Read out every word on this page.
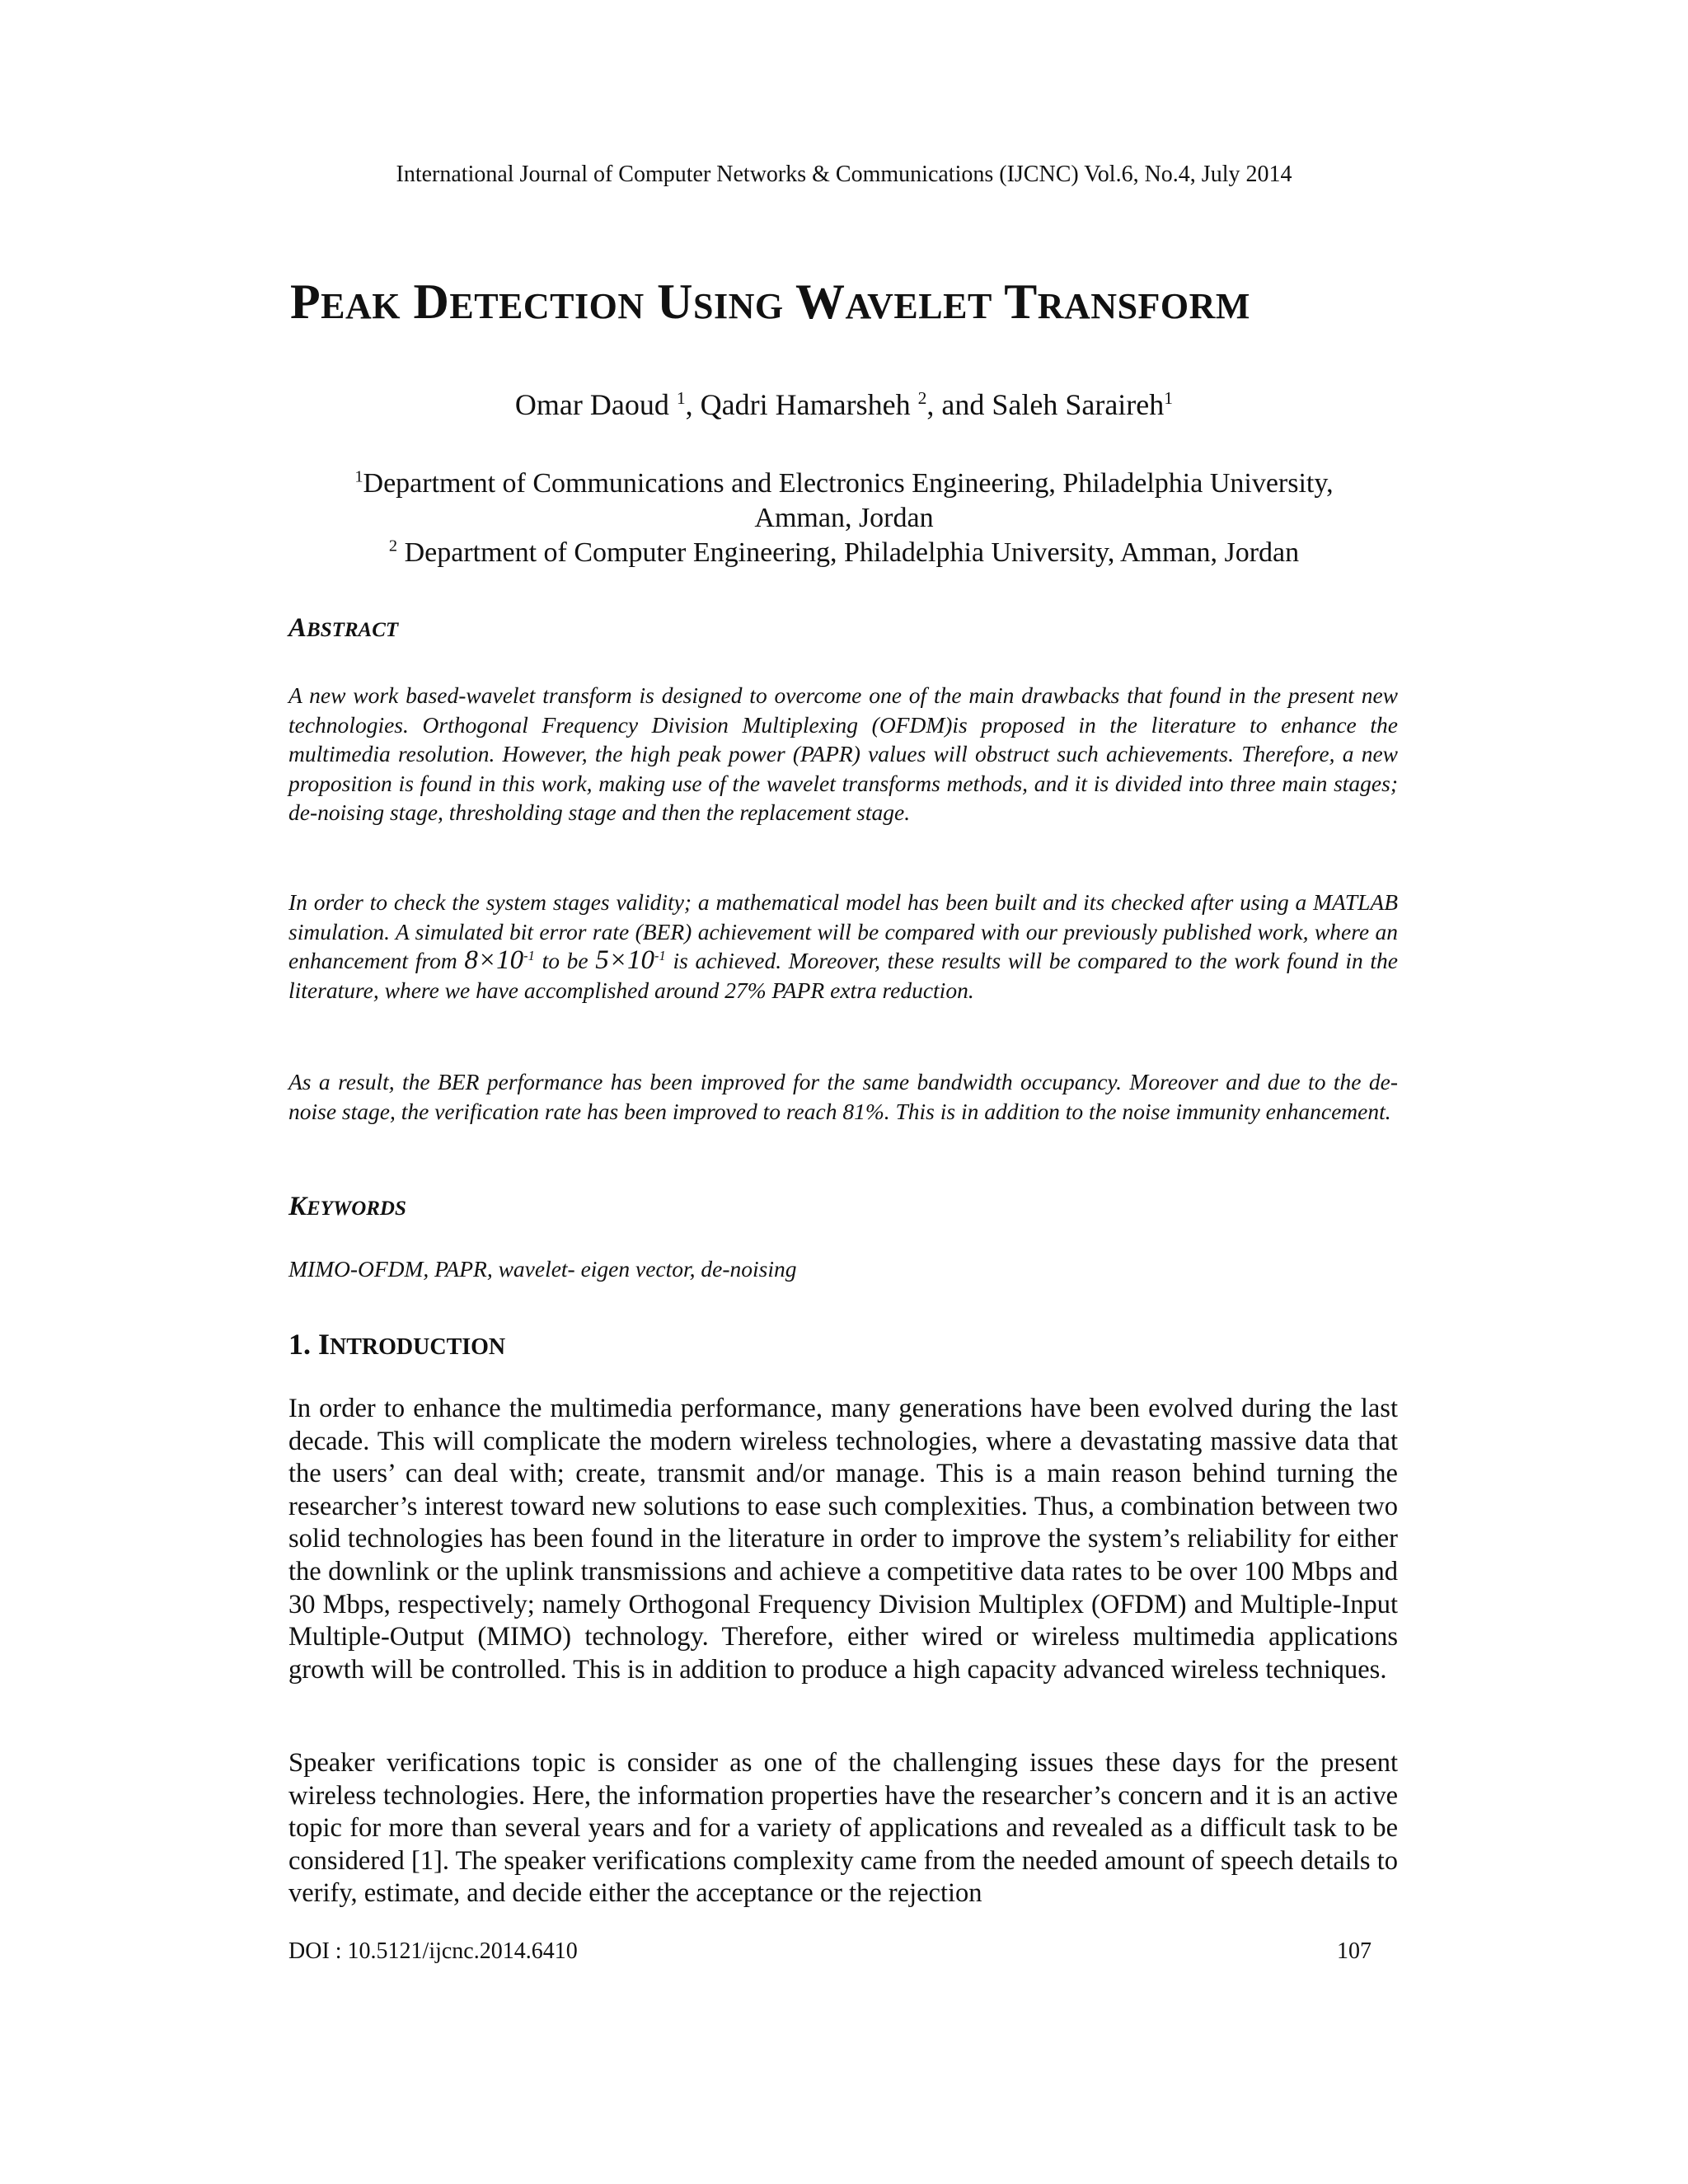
International Journal of Computer Networks & Communications (IJCNC) Vol.6, No.4, July 2014
PEAK DETECTION USING WAVELET TRANSFORM
Omar Daoud $^1$, Qadri Hamarsheh $^2$, and Saleh Saraireh$^1$
$^1$Department of Communications and Electronics Engineering, Philadelphia University,
Amman, Jordan
$^2$ Department of Computer Engineering, Philadelphia University, Amman, Jordan
ABSTRACT

A new work based-wavelet transform is designed to overcome one of the main drawbacks that found in the present new technologies. Orthogonal Frequency Division Multiplexing (OFDM)is proposed in the literature to enhance the multimedia resolution. However, the high peak power (PAPR) values will obstruct such achievements. Therefore, a new proposition is found in this work, making use of the wavelet transforms methods, and it is divided into three main stages; de-noising stage, thresholding stage and then the replacement stage.

In order to check the system stages validity; a mathematical model has been built and its checked after using a MATLAB simulation. A simulated bit error rate (BER) achievement will be compared with our previously published work, where an enhancement from $8\times 10^{-1}$ to be $5\times 10^{-1}$ is achieved. Moreover, these results will be compared to the work found in the literature, where we have accomplished around 27% PAPR extra reduction.

As a result, the BER performance has been improved for the same bandwidth occupancy. Moreover and due to the de-noise stage, the verification rate has been improved to reach 81%. This is in addition to the noise immunity enhancement.

KEYWORDS

MIMO-OFDM, PAPR, wavelet- eigen vector, de-noising

1. INTRODUCTION

In order to enhance the multimedia performance, many generations have been evolved during the last decade. This will complicate the modern wireless technologies, where a devastating massive data that the users’ can deal with; create, transmit and/or manage. This is a main reason behind turning the researcher’s interest toward new solutions to ease such complexities. Thus, a combination between two solid technologies has been found in the literature in order to improve the system’s reliability for either the downlink or the uplink transmissions and achieve a competitive data rates to be over 100 Mbps and 30 Mbps, respectively; namely Orthogonal Frequency Division Multiplex (OFDM) and Multiple-Input Multiple-Output (MIMO) technology. Therefore, either wired or wireless multimedia applications growth will be controlled. This is in addition to produce a high capacity advanced wireless techniques.

Speaker verifications topic is consider as one of the challenging issues these days for the present wireless technologies. Here, the information properties have the researcher’s concern and it is an active topic for more than several years and for a variety of applications and revealed as a difficult task to be considered [1]. The speaker verifications complexity came from the needed amount of speech details to verify, estimate, and decide either the acceptance or the rejection

DOI : 10.5121/ijcnc.2014.6410	107
